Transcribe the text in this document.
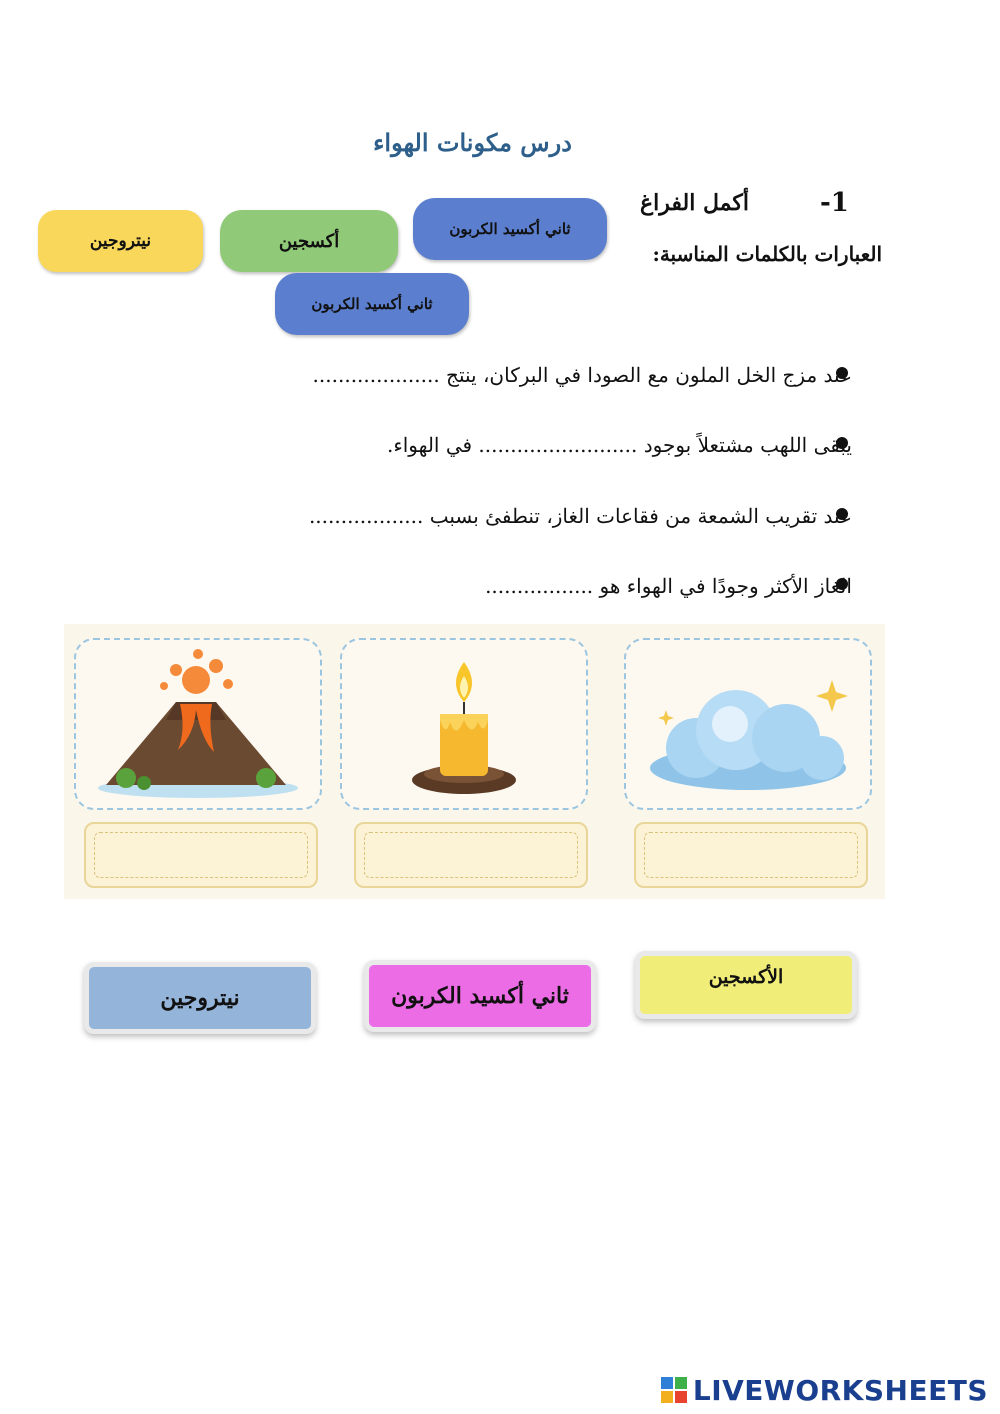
درس مكونات الهواء
1-
أكمل الفراغ
العبارات بالكلمات المناسبة:
نيتروجين	أكسجين
ثاني أكسيد الكربون
ثاني أكسيد الكربون
عند مزج الخل الملون مع الصودا في البركان، ينتج ....................
يبقى اللهب مشتعلاً بوجود ......................... في الهواء.
عند تقريب الشمعة من فقاعات الغاز، تنطفئ بسبب ..................
الغاز الأكثر وجودًا في الهواء هو .................
نيتروجين	ثاني أكسيد الكربون
الأكسجين
LIVEWORKSHEETS
